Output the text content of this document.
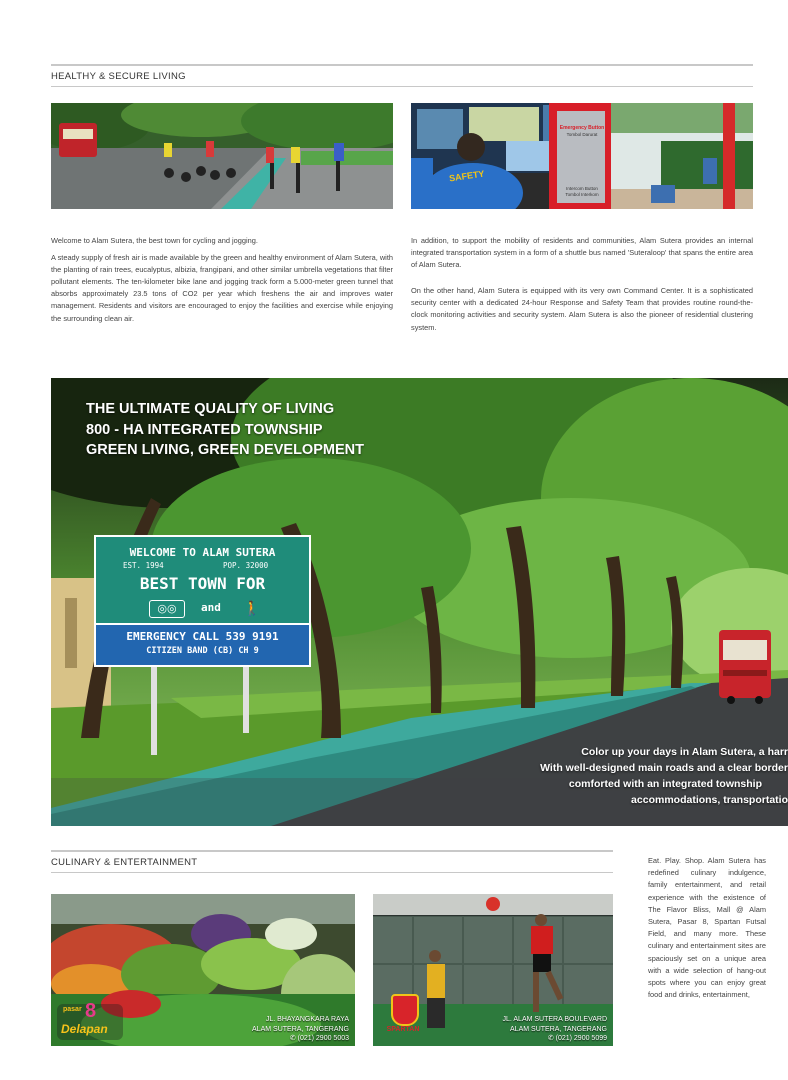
HEALTHY & SECURE LIVING
SAFETY
Emergency Button
Tombol Darurat
Intercom Button
Tombol Interkom

Welcome to Alam Sutera, the best town for cycling and jogging.

A steady supply of fresh air is made available by the green and healthy environment of Alam Sutera, with the planting of rain trees, eucalyptus, albizia, frangipani, and other similar umbrella vegetations that filter pollutant elements. The ten-kilometer bike lane and jogging track form a 5.000-meter green tunnel that absorbs approximately 23.5 tons of CO2 per year which freshens the air and improves water management. Residents and visitors are encouraged to enjoy the facilities and exercise while enjoying the surrounding clean air.

In addition, to support the mobility of residents and communities, Alam Sutera provides an internal integrated transportation system in a form of a shuttle bus named 'Suteraloop' that spans the entire area of Alam Sutera.

On the other hand, Alam Sutera is equipped with its very own Command Center. It is a sophisticated security center with a dedicated 24-hour Response and Safety Team that provides routine round-the-clock monitoring activities and security system. Alam Sutera is also the pioneer of residential clustering system.

WELCOME TO ALAM SUTERA
EST. 1994	POP. 32000
BEST TOWN FOR
◎◎	and 🚶
EMERGENCY CALL 539 9191
CITIZEN BAND (CB) CH 9
THE ULTIMATE QUALITY OF LIVING
800 - HA INTEGRATED TOWNSHIP
GREEN LIVING, GREEN DEVELOPMENT
Color up your days in Alam Sutera, a harr
With well-designed main roads and a clear border
comforted with an integrated township
accommodations, transportatio
CULINARY & ENTERTAINMENT
pasar 8
Delapan
JL. BHAYANGKARA RAYA
ALAM SUTERA, TANGERANG
✆ (021) 2900 5003
SPARTAN
JL. ALAM SUTERA BOULEVARD
ALAM SUTERA, TANGERANG
✆ (021) 2900 5099
Eat. Play. Shop. Alam Sutera has redefined culinary indulgence, family entertainment, and retail experience with the existence of The Flavor Bliss, Mall @ Alam Sutera, Pasar 8, Spartan Futsal Field, and many more. These culinary and entertainment sites are spaciously set on a unique area with a wide selection of hang-out spots where you can enjoy great food and drinks, entertainment,
